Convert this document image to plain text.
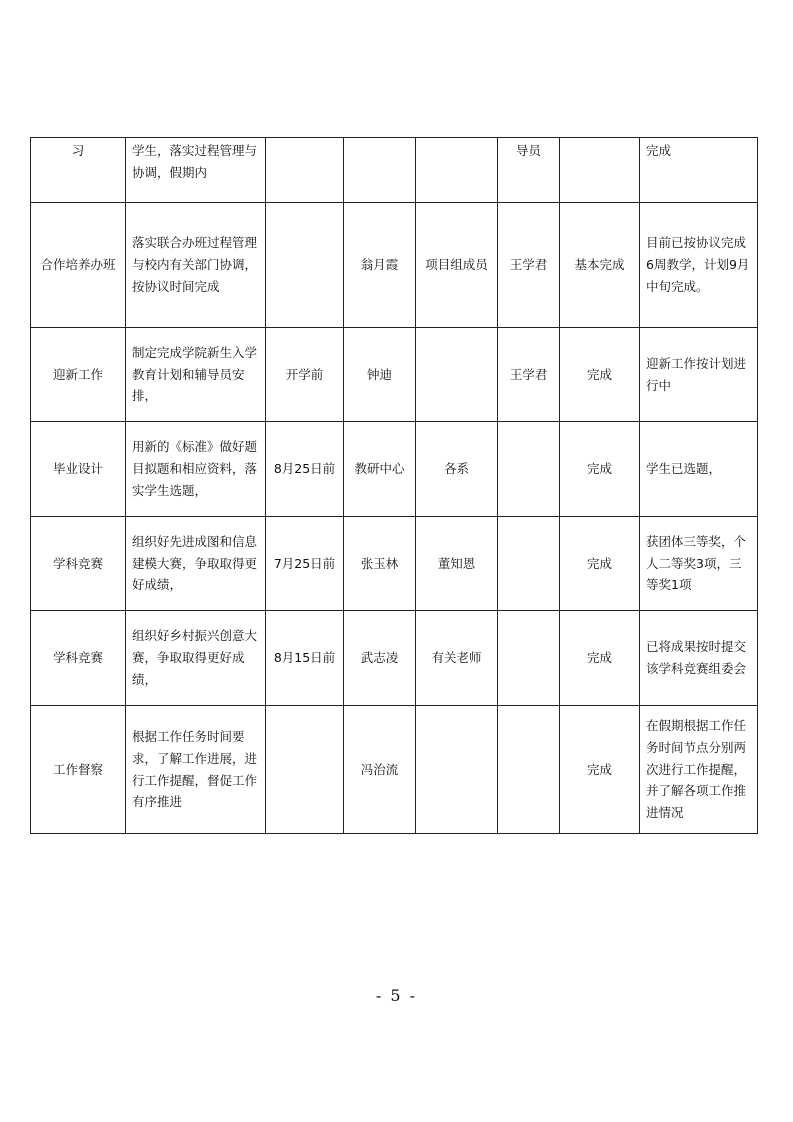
习	学生，落实过程管理与协调，假期内				导员		完成
合作培养办班	落实联合办班过程管理与校内有关部门协调，按协议时间完成		翁月霞	项目组成员	王学君	基本完成	目前已按协议完成6周教学，计划9月中旬完成。
迎新工作	制定完成学院新生入学教育计划和辅导员安排，	开学前	钟迪		王学君	完成	迎新工作按计划进行中
毕业设计	用新的《标准》做好题目拟题和相应资料，落实学生选题，	8月25日前	教研中心	各系		完成	学生已选题，
学科竞赛	组织好先进成图和信息建模大赛，争取取得更好成绩，	7月25日前	张玉林	董知恩		完成	获团体三等奖，个人二等奖3项，三等奖1项
学科竞赛	组织好乡村振兴创意大赛，争取取得更好成绩，	8月15日前	武志凌	有关老师		完成	已将成果按时提交该学科竞赛组委会
工作督察	根据工作任务时间要求，了解工作进展，进行工作提醒，督促工作有序推进		冯治流			完成	在假期根据工作任务时间节点分别两次进行工作提醒，并了解各项工作推进情况
- 5 -
